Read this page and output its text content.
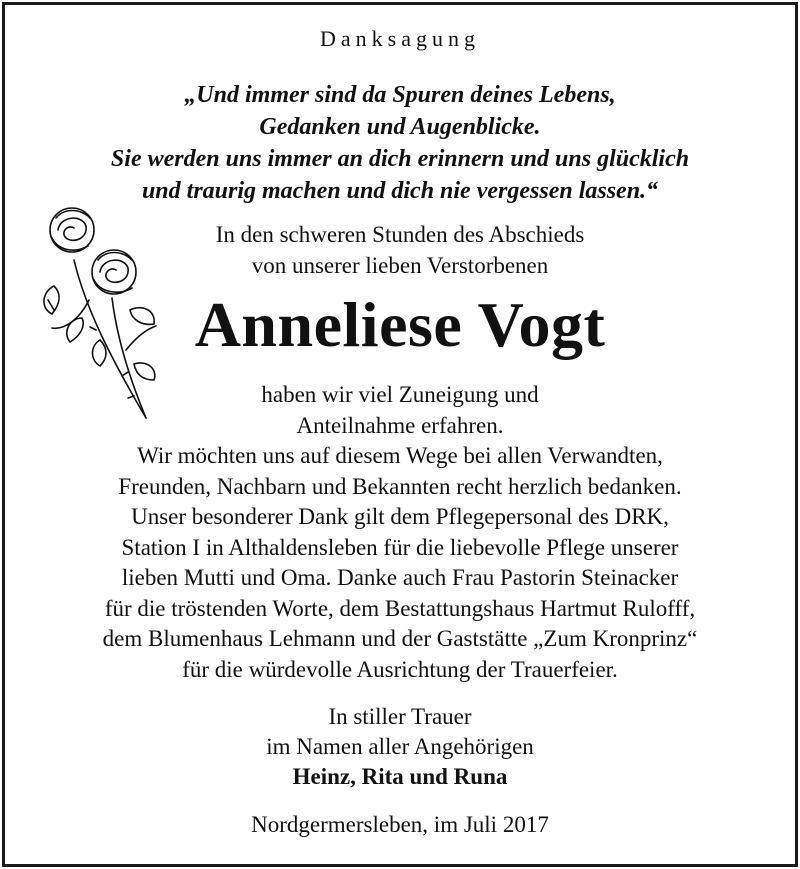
Danksagung
„Und immer sind da Spuren deines Lebens,
Gedanken und Augenblicke.
Sie werden uns immer an dich erinnern und uns glücklich
und traurig machen und dich nie vergessen lassen.“
In den schweren Stunden des Abschieds
von unserer lieben Verstorbenen
Anneliese Vogt
haben wir viel Zuneigung und
Anteilnahme erfahren.
Wir möchten uns auf diesem Wege bei allen Verwandten,
Freunden, Nachbarn und Bekannten recht herzlich bedanken.
Unser besonderer Dank gilt dem Pflegepersonal des DRK,
Station I in Althaldensleben für die liebevolle Pflege unserer
lieben Mutti und Oma. Danke auch Frau Pastorin Steinacker
für die tröstenden Worte, dem Bestattungshaus Hartmut Rulofff,
dem Blumenhaus Lehmann und der Gaststätte „Zum Kronprinz“
für die würdevolle Ausrichtung der Trauerfeier.
In stiller Trauer
im Namen aller Angehörigen
Heinz, Rita und Runa
Nordgermersleben, im Juli 2017
